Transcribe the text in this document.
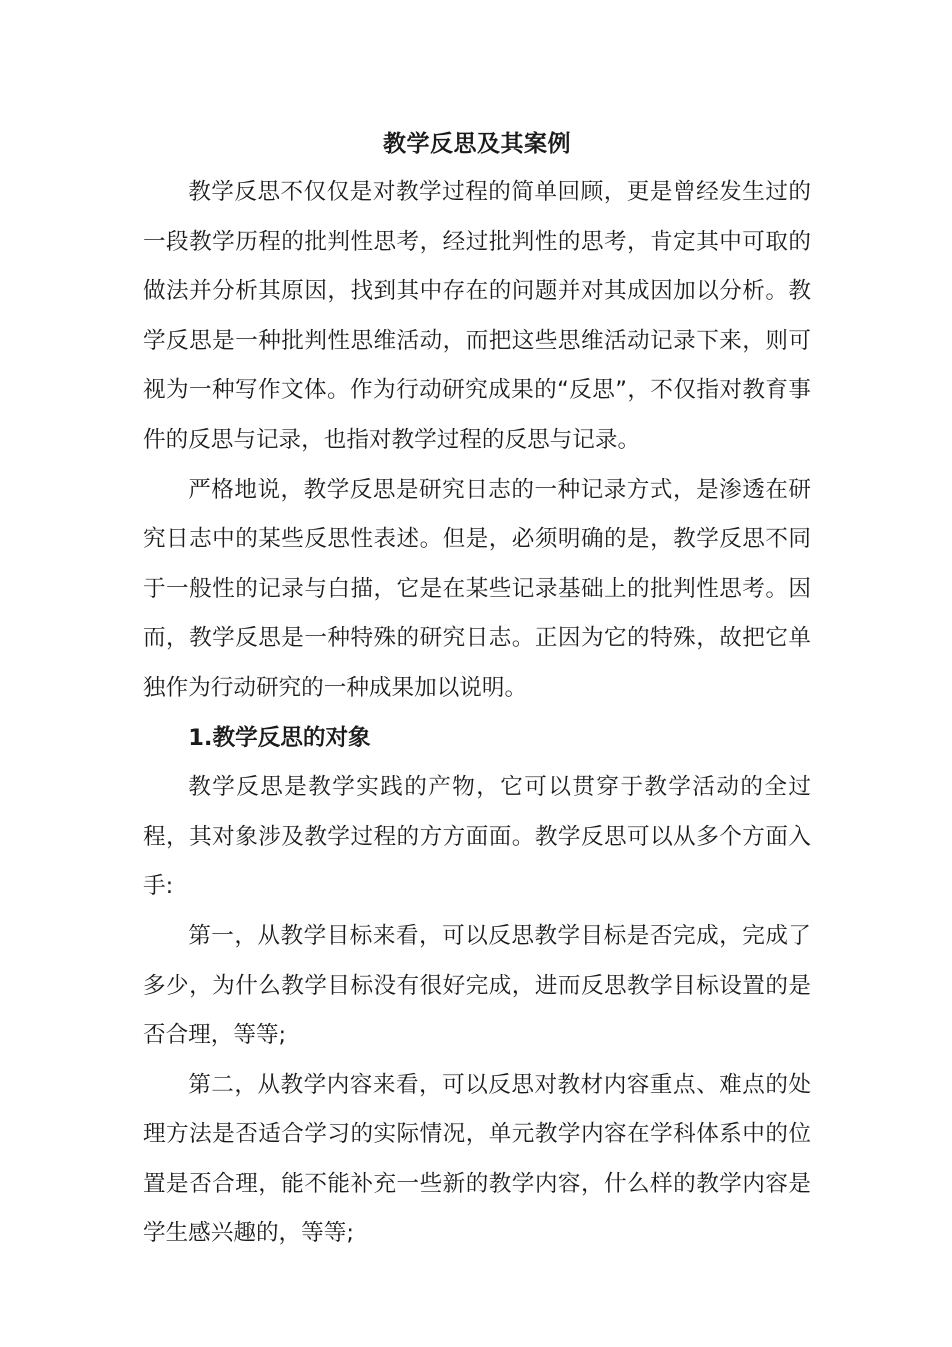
教学反思及其案例

教学反思不仅仅是对教学过程的简单回顾，更是曾经发生过的一段教学历程的批判性思考，经过批判性的思考，肯定其中可取的做法并分析其原因，找到其中存在的问题并对其成因加以分析。教学反思是一种批判性思维活动，而把这些思维活动记录下来，则可视为一种写作文体。作为行动研究成果的“反思”，不仅指对教育事件的反思与记录，也指对教学过程的反思与记录。

严格地说，教学反思是研究日志的一种记录方式，是渗透在研究日志中的某些反思性表述。但是，必须明确的是，教学反思不同于一般性的记录与白描，它是在某些记录基础上的批判性思考。因而，教学反思是一种特殊的研究日志。正因为它的特殊，故把它单独作为行动研究的一种成果加以说明。

1.教学反思的对象

教学反思是教学实践的产物，它可以贯穿于教学活动的全过程，其对象涉及教学过程的方方面面。教学反思可以从多个方面入手:

第一，从教学目标来看，可以反思教学目标是否完成，完成了多少，为什么教学目标没有很好完成，进而反思教学目标设置的是否合理，等等;

第二，从教学内容来看，可以反思对教材内容重点、难点的处理方法是否适合学习的实际情况，单元教学内容在学科体系中的位置是否合理，能不能补充一些新的教学内容，什么样的教学内容是学生感兴趣的，等等;
